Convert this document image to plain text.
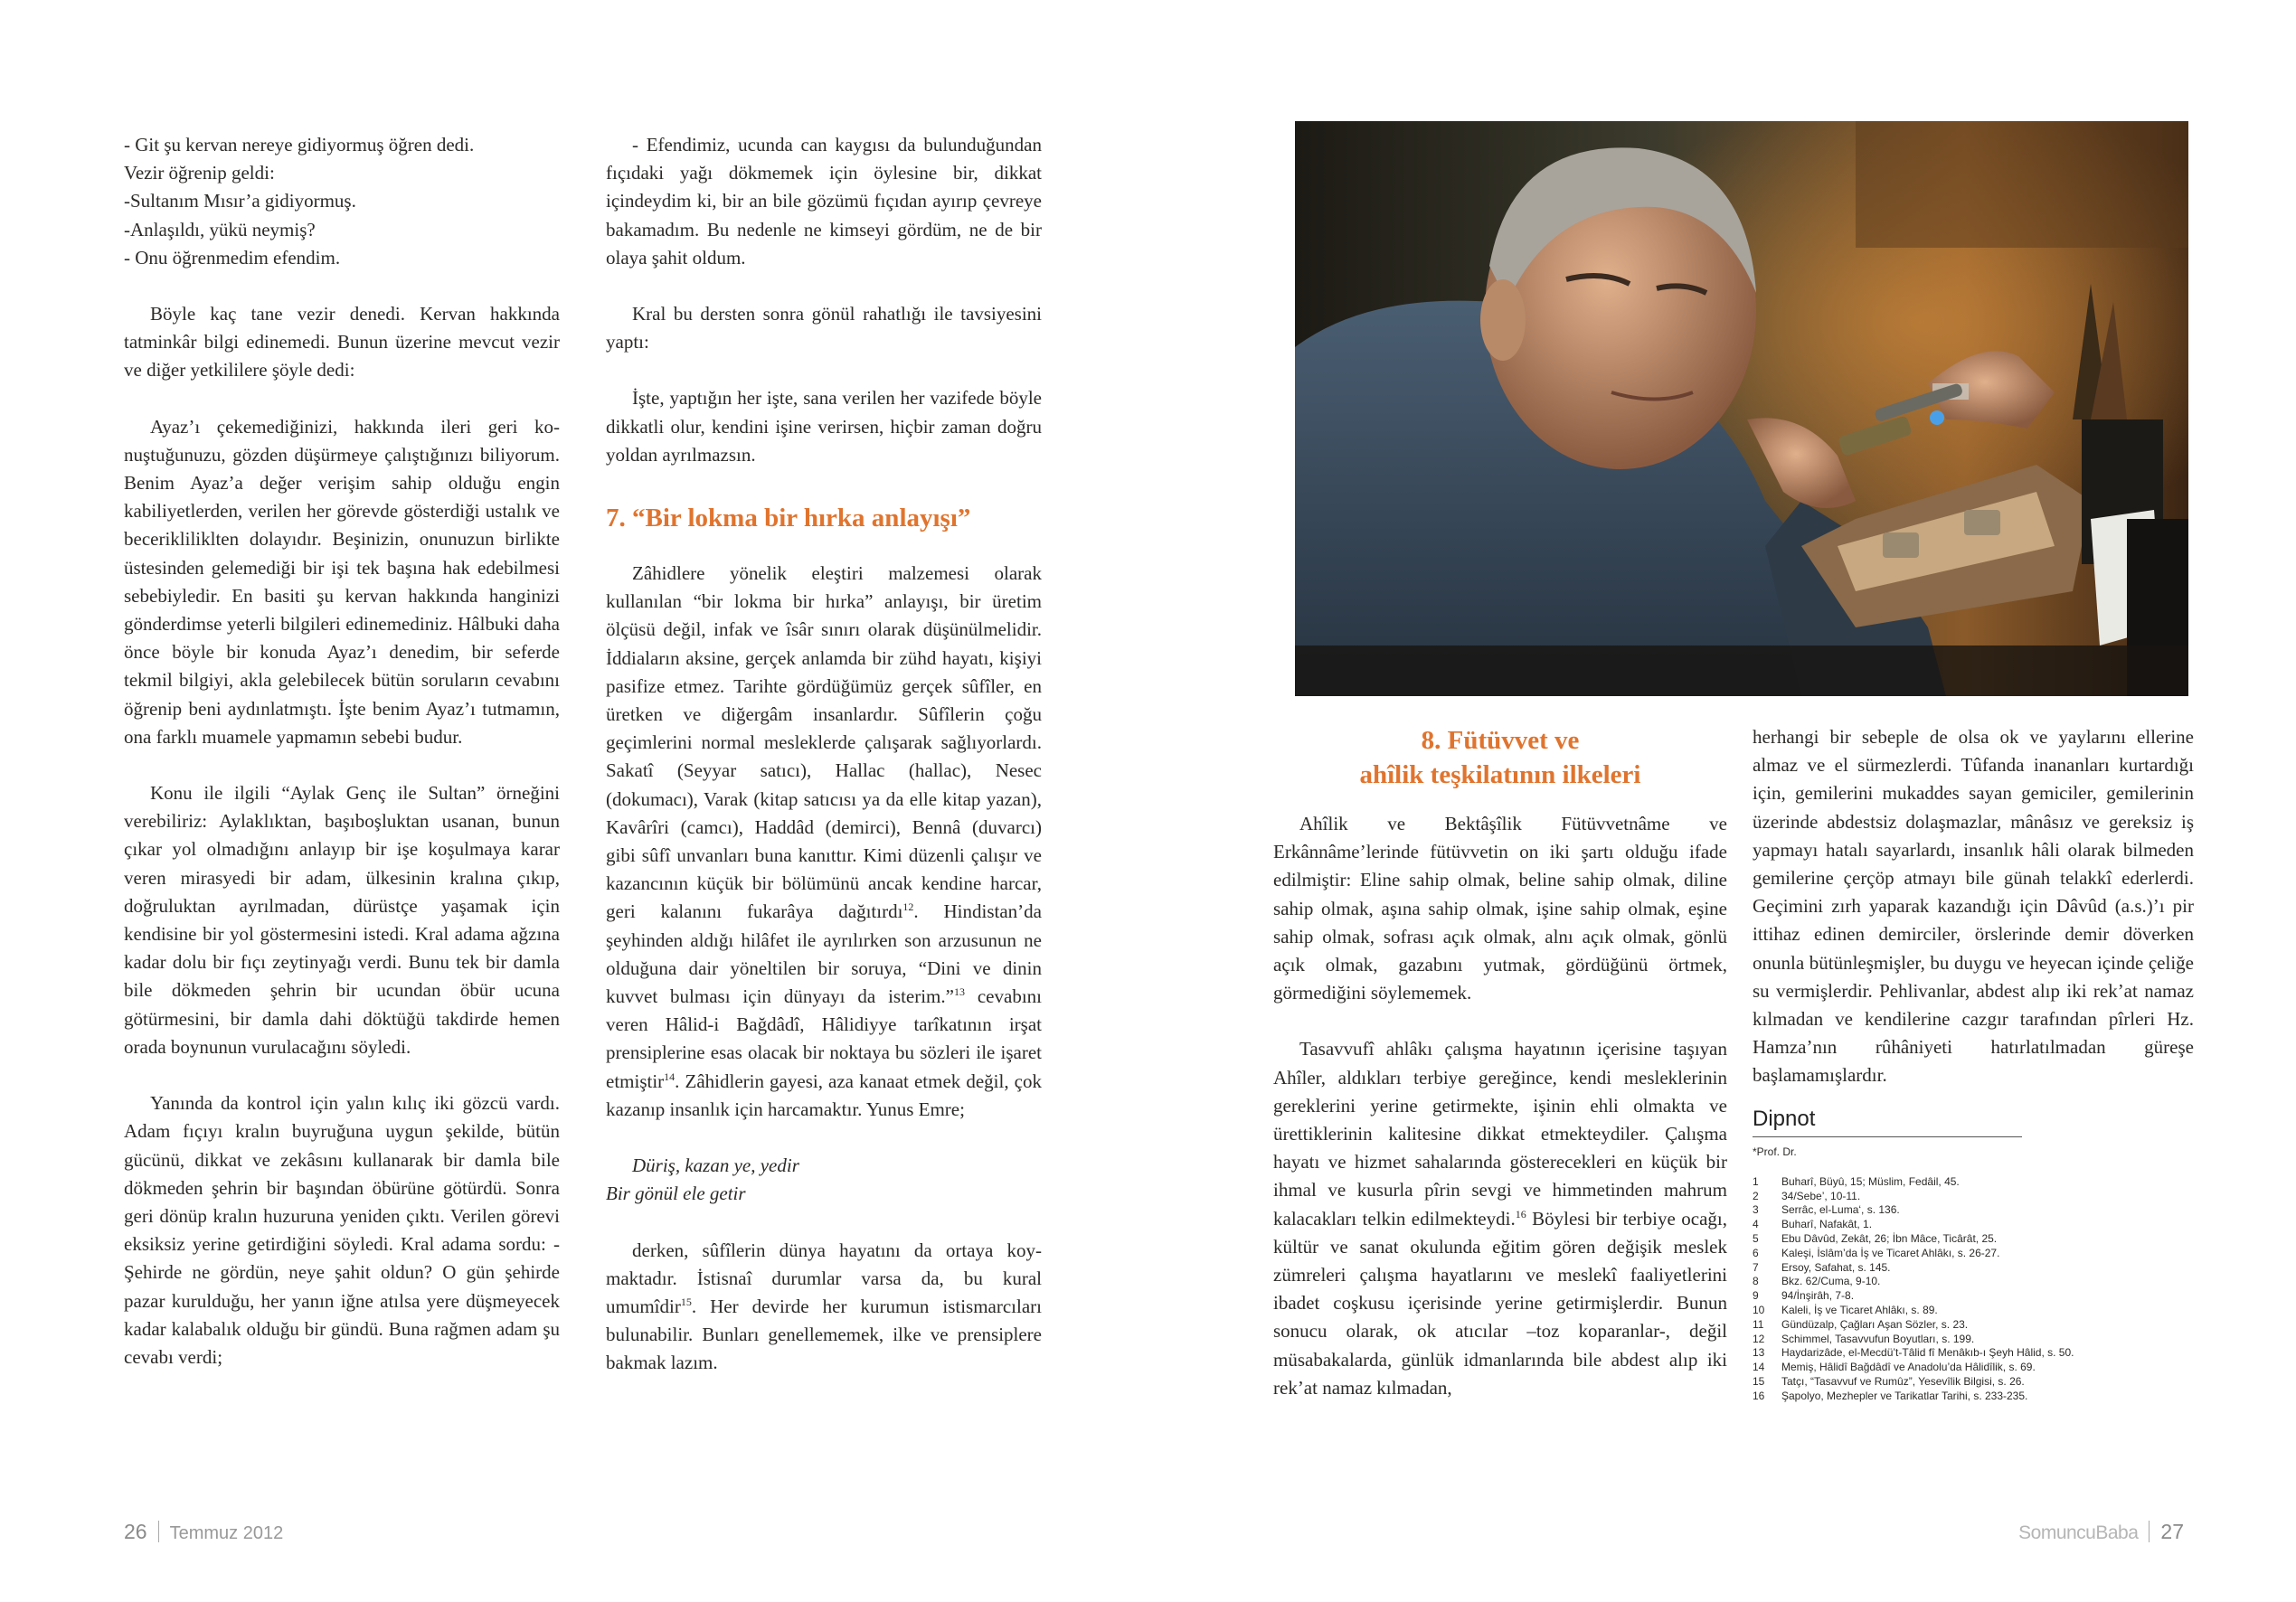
- Git şu kervan nereye gidiyormuş öğren dedi.
Vezir öğrenip geldi:
-Sultanım Mısır’a gidiyormuş.
-Anlaşıldı, yükü neymiş?
- Onu öğrenmedim efendim.

Böyle kaç tane vezir denedi. Kervan hakkında tatminkâr bilgi edinemedi. Bunun üzerine mevcut vezir ve diğer yetkililere şöyle dedi:

Ayaz’ı çekemediğinizi, hakkında ileri geri konuştuğunuzu, gözden düşürmeye çalıştığınızı biliyorum. Benim Ayaz’a değer verişim sahip olduğu engin kabiliyetlerden, verilen her görevde gösterdiği ustalık ve becerikliliklten dolayıdır. Beşinizin, onunuzun birlikte üstesinden gelemediği bir işi tek başına hak edebilmesi sebebiyledir. En basiti şu kervan hakkında hanginizi gönderdimse yeterli bilgileri edinemediniz. Hâlbuki daha önce böyle bir konuda Ayaz’ı denedim, bir seferde tekmil bilgiyi, akla gelebilecek bütün soruların cevabını öğrenip beni aydınlatmıştı. İşte benim Ayaz’ı tutmamın, ona farklı muamele yapmamın sebebi budur.

Konu ile ilgili “Aylak Genç ile Sultan” örneğini verebiliriz: Aylaklıktan, başıboşluktan usanan, bunun çıkar yol olmadığını anlayıp bir işe koşulmaya karar veren mirasyedi bir adam, ülkesinin kralına çıkıp, doğruluktan ayrılmadan, dürüstçe yaşamak için kendisine bir yol göstermesini istedi. Kral adama ağzına kadar dolu bir fıçı zeytinyağı verdi. Bunu tek bir damla bile dökmeden şehrin bir ucundan öbür ucuna götürmesini, bir damla dahi döktüğü takdirde hemen orada boynunun vurulacağını söyledi.

Yanında da kontrol için yalın kılıç iki gözcü vardı. Adam fıçıyı kralın buyruğuna uygun şekilde, bütün gücünü, dikkat ve zekâsını kullanarak bir damla bile dökmeden şehrin bir başından öbürüne götürdü. Sonra geri dönüp kralın huzuruna yeniden çıktı. Verilen görevi eksiksiz yerine getirdiğini söyledi. Kral adama sordu: - Şehirde ne gördün, neye şahit oldun? O gün şehirde pazar kurulduğu, her yanın iğne atılsa yere düşmeyecek kadar kalabalık olduğu bir gündü. Buna rağmen adam şu cevabı verdi;

- Efendimiz, ucunda can kaygısı da bulunduğundan fıçıdaki yağı dökmemek için öylesine bir, dikkat içindeydim ki, bir an bile gözümü fıçıdan ayırıp çevreye bakamadım. Bu nedenle ne kimseyi gördüm, ne de bir olaya şahit oldum.

Kral bu dersten sonra gönül rahatlığı ile tavsiyesini yaptı:

İşte, yaptığın her işte, sana verilen her vazifede böyle dikkatli olur, kendini işine verirsen, hiçbir zaman doğru yoldan ayrılmazsın.

7. “Bir lokma bir hırka anlayışı”

Zâhidlere yönelik eleştiri malzemesi olarak kullanılan “bir lokma bir hırka” anlayışı, bir üretim ölçüsü değil, infak ve îsâr sınırı olarak düşünülmelidir. İddiaların aksine, gerçek anlamda bir zühd hayatı, kişiyi pasifize etmez. Tarihte gördüğümüz gerçek sûfîler, en üretken ve diğergâm insanlardır. Sûfîlerin çoğu geçimlerini normal mesleklerde çalışarak sağlıyorlardı. Sakatî (Seyyar satıcı), Hallac (hallac), Nesec (dokumacı), Varak (kitap satıcısı ya da elle kitap yazan), Kavârîri (camcı), Haddâd (demirci), Bennâ (duvarcı) gibi sûfî unvanları buna kanıttır. Kimi düzenli çalışır ve kazancının küçük bir bölümünü ancak kendine harcar, geri kalanını fukarâya dağıtırdı$^{12}$. Hindistan’da şeyhinden aldığı hilâfet ile ayrılırken son arzusunun ne olduğuna dair yöneltilen bir soruya, “Dini ve dinin kuvvet bulması için dünyayı da isterim.”$^{13}$ cevabını veren Hâlid-i Bağdâdî, Hâlidiyye tarîkatının irşat prensiplerine esas olacak bir noktaya bu sözleri ile işaret etmiştir$^{14}$. Zâhidlerin gayesi, aza kanaat etmek değil, çok kazanıp insanlık için harcamaktır. Yunus Emre;

Düriş, kazan ye, yedir
Bir gönül ele getir

derken, sûfîlerin dünya hayatını da ortaya koymaktadır. İstisnaî durumlar varsa da, bu kural umumîdir$^{15}$. Her devirde her kurumun istismarcıları bulunabilir. Bunları genellememek, ilke ve prensiplere bakmak lazım.

8. Fütüvvet ve
ahîlik teşkilatının ilkeleri

Ahîlik ve Bektâşîlik Fütüvvetnâme ve Erkânnâme’lerinde fütüvvetin on iki şartı olduğu ifade edilmiştir: Eline sahip olmak, beline sahip olmak, diline sahip olmak, aşına sahip olmak, işine sahip olmak, eşine sahip olmak, sofrası açık olmak, alnı açık olmak, gönlü açık olmak, gazabını yutmak, gördüğünü örtmek, görmediğini söylememek.

Tasavvufî ahlâkı çalışma hayatının içerisine taşıyan Ahîler, aldıkları terbiye gereğince, kendi mesleklerinin gereklerini yerine getirmekte, işinin ehli olmakta ve ürettiklerinin kalitesine dikkat etmekteydiler. Çalışma hayatı ve hizmet sahalarında gösterecekleri en küçük bir ihmal ve kusurla pîrin sevgi ve himmetinden mahrum kalacakları telkin edilmekteydi.$^{16}$ Böylesi bir terbiye ocağı, kültür ve sanat okulunda eğitim gören değişik meslek zümreleri çalışma hayatlarını ve meslekî faaliyetlerini ibadet coşkusu içerisinde yerine getirmişlerdir. Bunun sonucu olarak, ok atıcılar –toz koparanlar-, değil müsabakalarda, günlük idmanlarında bile abdest alıp iki rek’at namaz kılmadan,

herhangi bir sebeple de olsa ok ve yaylarını ellerine almaz ve el sürmezlerdi. Tûfanda inananları kurtardığı için, gemilerini mukaddes sayan gemiciler, gemilerinin üzerinde abdestsiz dolaşmazlar, mânâsız ve gereksiz iş yapmayı hatalı sayarlardı, insanlık hâli olarak bilmeden gemilerine çerçöp atmayı bile günah telakkî ederlerdi. Geçimini zırh yaparak kazandığı için Dâvûd (a.s.)’ı pir ittihaz edinen demirciler, örslerinde demir döverken onunla bütünleşmişler, bu duygu ve heyecan içinde çeliğe su vermişlerdir. Pehlivanlar, abdest alıp iki rek’at namaz kılmadan ve kendilerine cazgır tarafından pîrleri Hz. Hamza’nın rûhâniyeti hatırlatılmadan güreşe başlamamışlardır.

Dipnot
*Prof. Dr.
1	Buharî, Büyû, 15; Müslim, Fedâil, 45.
2	34/Sebe’, 10-11.
3	Serrâc, el-Luma‘, s. 136.
4	Buharî, Nafakât, 1.
5	Ebu Dâvûd, Zekât, 26; İbn Mâce, Ticârât, 25.
6	Kaleşi, İslâm’da İş ve Ticaret Ahlâkı, s. 26-27.
7	Ersoy, Safahat, s. 145.
8	Bkz. 62/Cuma, 9-10.
9	94/İnşirâh, 7-8.
10	Kaleli, İş ve Ticaret Ahlâkı, s. 89.
11	Gündüzalp, Çağları Aşan Sözler, s. 23.
12	Schimmel, Tasavvufun Boyutları, s. 199.
13	Haydarizâde, el-Mecdü’t-Tâlid fî Menâkıb-ı Şeyh Hâlid, s. 50.
14	Memiş, Hâlidî Bağdâdî ve Anadolu’da Hâlidîlik, s. 69.
15	Tatçı, “Tasavvuf ve Rumûz”, Yesevîlik Bilgisi, s. 26.
16	Şapolyo, Mezhepler ve Tarikatlar Tarihi, s. 233-235.
26 Temmuz 2012	SomuncuBaba 27
